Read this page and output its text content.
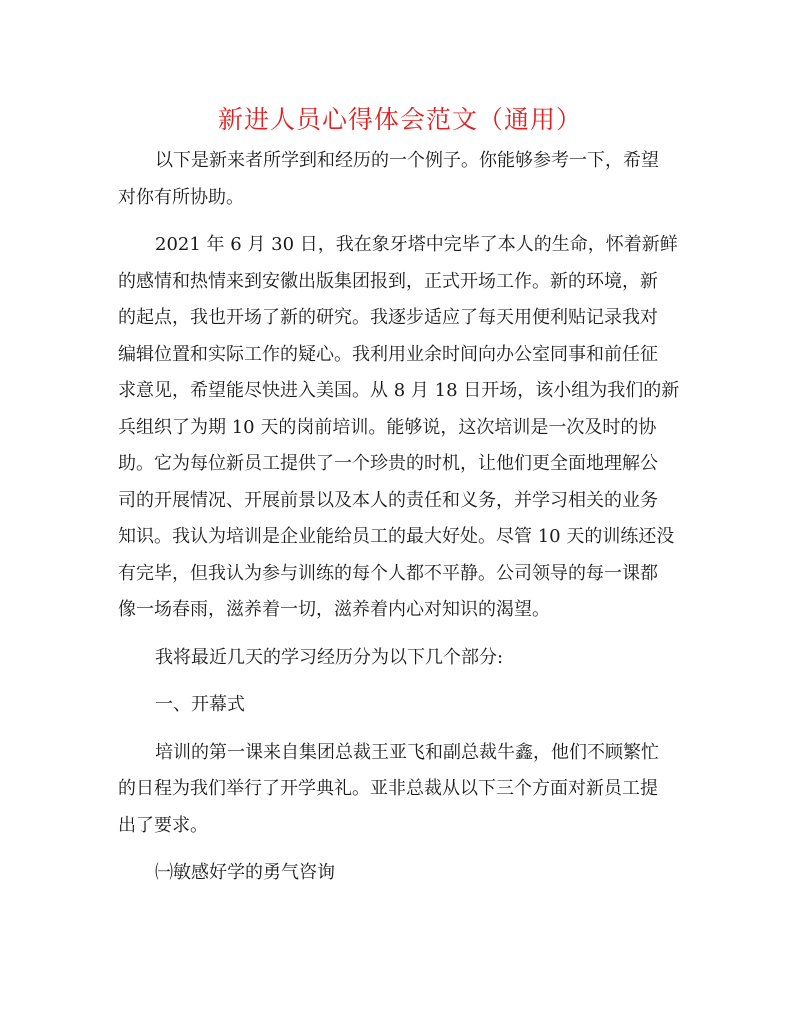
新进人员心得体会范文（通用）

以下是新来者所学到和经历的一个例子。你能够参考一下，希望
对你有所协助。

2021 年 6 月 30 日，我在象牙塔中完毕了本人的生命，怀着新鲜
的感情和热情来到安徽出版集团报到，正式开场工作。新的环境，新
的起点，我也开场了新的研究。我逐步适应了每天用便利贴记录我对
编辑位置和实际工作的疑心。我利用业余时间向办公室同事和前任征
求意见，希望能尽快进入美国。从 8 月 18 日开场，该小组为我们的新
兵组织了为期 10 天的岗前培训。能够说，这次培训是一次及时的协
助。它为每位新员工提供了一个珍贵的时机，让他们更全面地理解公
司的开展情况、开展前景以及本人的责任和义务，并学习相关的业务
知识。我认为培训是企业能给员工的最大好处。尽管 10 天的训练还没
有完毕，但我认为参与训练的每个人都不平静。公司领导的每一课都
像一场春雨，滋养着一切，滋养着内心对知识的渴望。

我将最近几天的学习经历分为以下几个部分:

一、开幕式

培训的第一课来自集团总裁王亚飞和副总裁牛鑫，他们不顾繁忙
的日程为我们举行了开学典礼。亚非总裁从以下三个方面对新员工提
出了要求。

㈠敏感好学的勇气咨询
